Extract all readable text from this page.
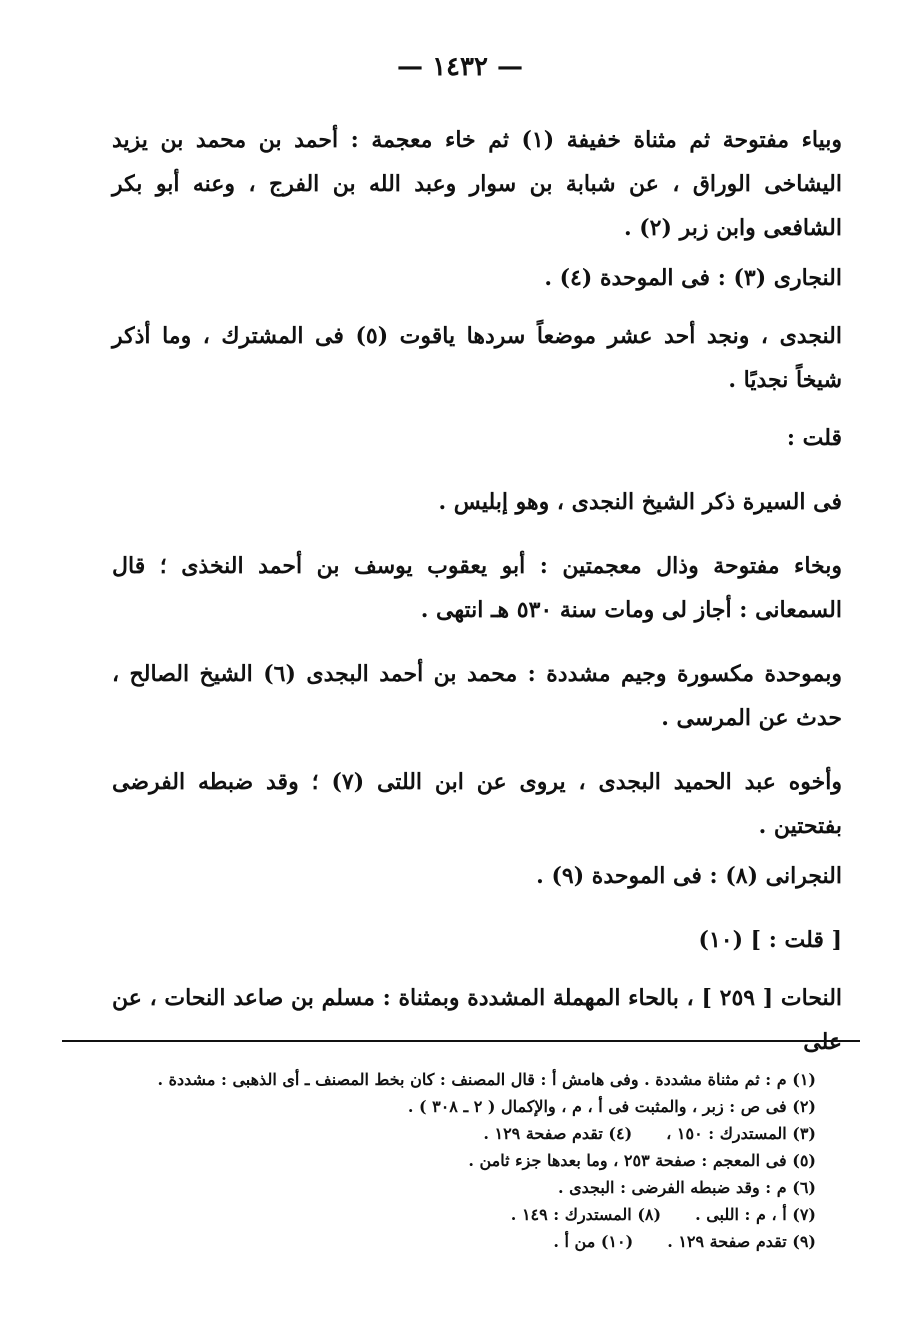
— ١٤٣٢ —

وبياء مفتوحة ثم مثناة خفيفة (١) ثم خاء معجمة : أحمد بن محمد بن يزيد اليشاخى الوراق ، عن شبابة بن سوار وعبد الله بن الفرج ، وعنه أبو بكر الشافعى وابن زبر (٢) .

النجارى (٣) : فى الموحدة (٤) .

النجدى ، ونجد أحد عشر موضعاً سردها ياقوت (٥) فى المشترك ، وما أذكر شيخاً نجديًا .

قلت :

فى السيرة ذكر الشيخ النجدى ، وهو إبليس .

وبخاء مفتوحة وذال معجمتين : أبو يعقوب يوسف بن أحمد النخذى ؛ قال السمعانى : أجاز لى ومات سنة ٥٣٠ هـ انتهى .

وبموحدة مكسورة وجيم مشددة : محمد بن أحمد البجدى (٦) الشيخ الصالح ، حدث عن المرسى .

وأخوه عبد الحميد البجدى ، يروى عن ابن اللتى (٧) ؛ وقد ضبطه الفرضى بفتحتين .

النجرانى (٨) : فى الموحدة (٩) .

[ قلت : ] (١٠)

النحات [ ٢٥٩ ] ، بالحاء المهملة المشددة وبمثناة : مسلم بن صاعد النحات ، عن على

(١) م : ثم مثناة مشددة . وفى هامش أ : قال المصنف : كان بخط المصنف ـ أى الذهبى : مشددة .
(٢) فى ص : زبر ، والمثبت فى أ ، م ، والإكمال ( ٢ ـ ٣٠٨ ) .
(٣) المستدرك : ١٥٠ ،
(٤) تقدم صفحة ١٢٩ .
(٥) فى المعجم : صفحة ٢٥٣ ، وما بعدها جزء ثامن .
(٦) م : وقد ضبطه الفرضى : البجدى .
(٧) أ ، م : اللبى .
(٨) المستدرك : ١٤٩ .
(٩) تقدم صفحة ١٢٩ .
(١٠) من أ .
